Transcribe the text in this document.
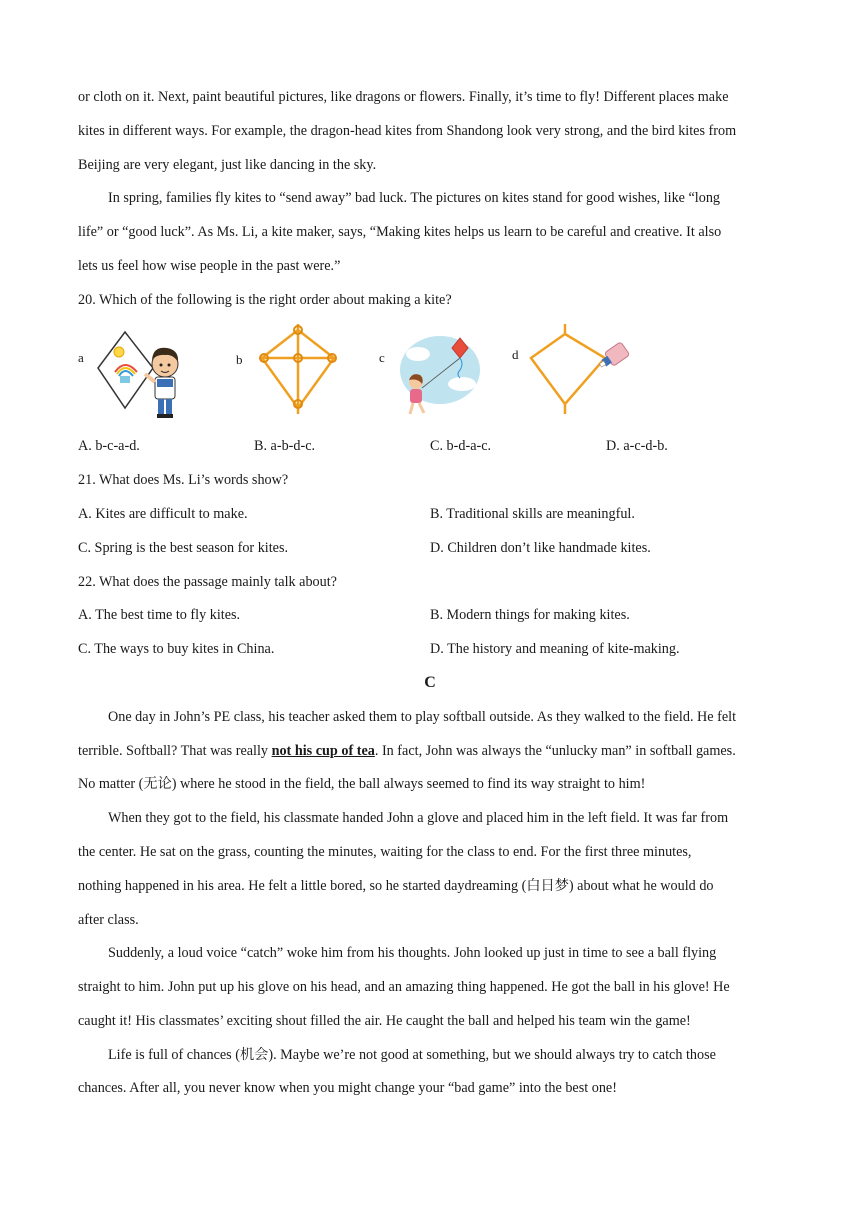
or cloth on it. Next, paint beautiful pictures, like dragons or flowers. Finally, it’s time to fly! Different places make
kites in different ways. For example, the dragon-head kites from Shandong look very strong, and the bird kites from
Beijing are very elegant, just like dancing in the sky.
In spring, families fly kites to “send away” bad luck. The pictures on kites stand for good wishes, like “long
life” or “good luck”. As Ms. Li, a kite maker, says, “Making kites helps us learn to be careful and creative. It also
lets us feel how wise people in the past were.”
20. Which of the following is the right order about making a kite?
a	b	c	d
A. b-c-a-d.	B. a-b-d-c.	C. b-d-a-c.	D. a-c-d-b.
21. What does Ms. Li’s words show?
A. Kites are difficult to make.	B. Traditional skills are meaningful.
C. Spring is the best season for kites.	D. Children don’t like handmade kites.
22. What does the passage mainly talk about?
A. The best time to fly kites.	B. Modern things for making kites.
C. The ways to buy kites in China.	D. The history and meaning of kite-making.
C
One day in John’s PE class, his teacher asked them to play softball outside. As they walked to the field. He felt
terrible. Softball? That was really not his cup of tea. In fact, John was always the “unlucky man” in softball games.
No matter (无论) where he stood in the field, the ball always seemed to find its way straight to him!
When they got to the field, his classmate handed John a glove and placed him in the left field. It was far from
the center. He sat on the grass, counting the minutes, waiting for the class to end. For the first three minutes,
nothing happened in his area. He felt a little bored, so he started daydreaming (白日梦) about what he would do
after class.
Suddenly, a loud voice “catch” woke him from his thoughts. John looked up just in time to see a ball flying
straight to him. John put up his glove on his head, and an amazing thing happened. He got the ball in his glove! He
caught it! His classmates’ exciting shout filled the air. He caught the ball and helped his team win the game!
Life is full of chances (机会). Maybe we’re not good at something, but we should always try to catch those
chances. After all, you never know when you might change your “bad game” into the best one!
